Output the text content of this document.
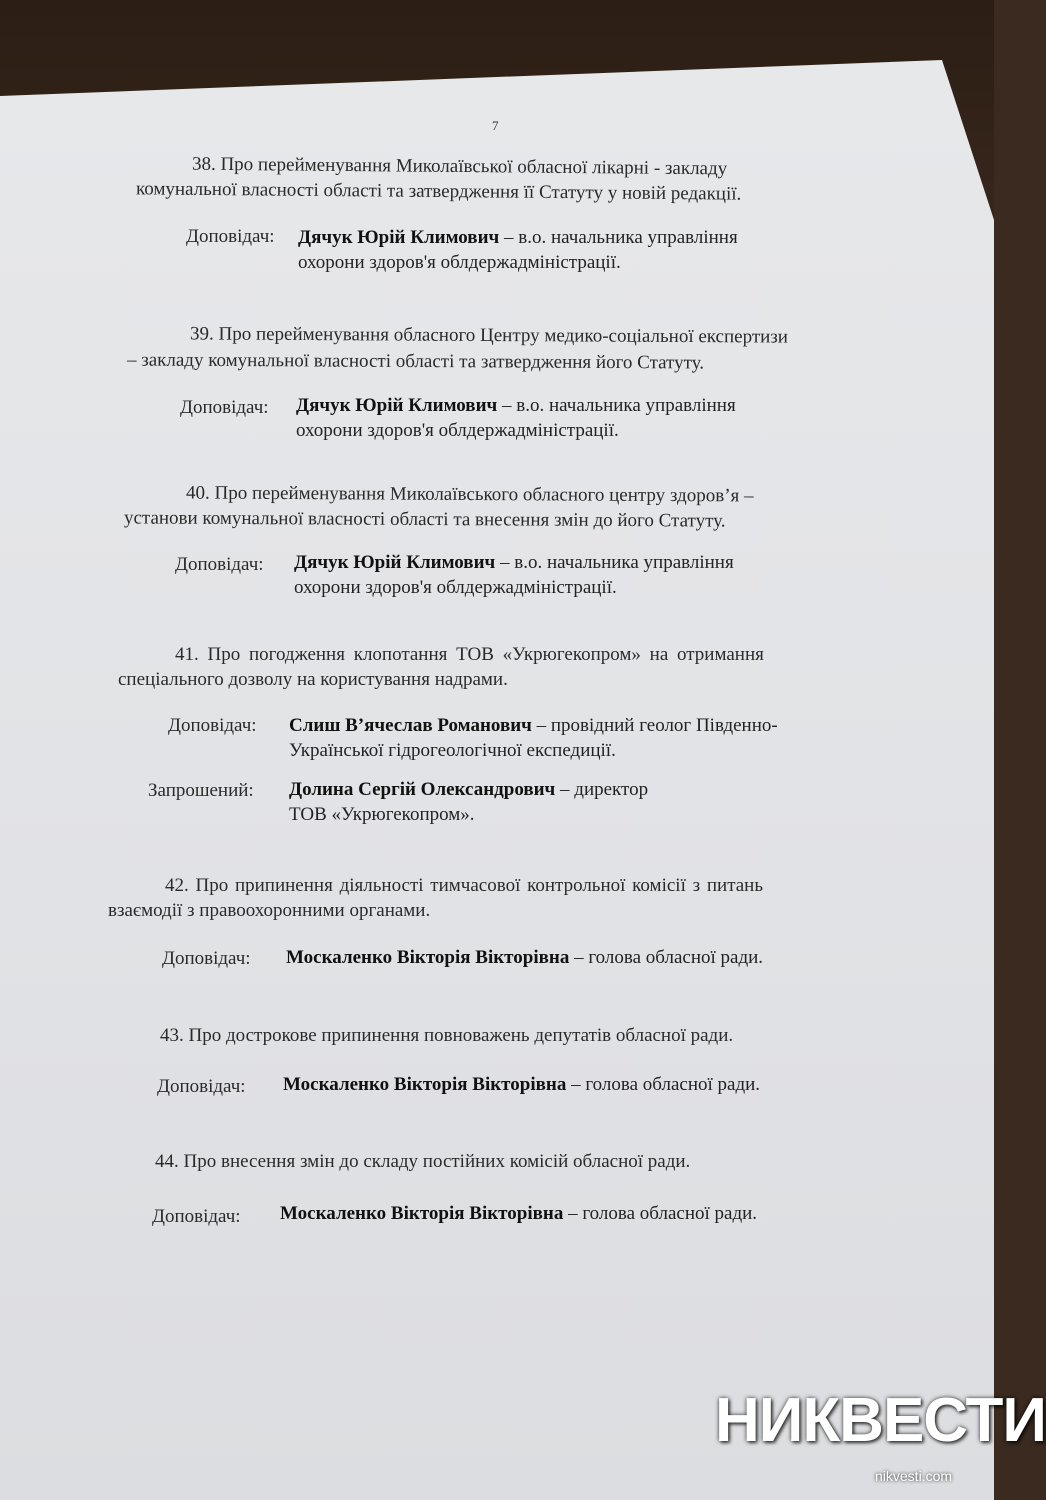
7
38. Про перейменування Миколаївської обласної лікарні - закладу
комунальної власності області та затвердження її Статуту у новій редакції.
Доповідач: Дячук Юрій Климович – в.о. начальника управління
охорони здоров'я облдержадміністрації.
39. Про перейменування обласного Центру медико-соціальної експертизи
– закладу комунальної власності області та затвердження його Статуту.
Доповідач: Дячук Юрій Климович – в.о. начальника управління
охорони здоров'я облдержадміністрації.
40. Про перейменування Миколаївського обласного центру здоров’я –
установи комунальної власності області та внесення змін до його Статуту.
Доповідач: Дячук Юрій Климович – в.о. начальника управління
охорони здоров'я облдержадміністрації.
41. Про погодження клопотання ТОВ «Укрюгекопром» на отримання
спеціального дозволу на користування надрами.
Доповідач: Слиш В’ячеслав Романович – провідний геолог Південно-
Української гідрогеологічної експедиції.
Запрошений: Долина Сергій Олександрович – директор
ТОВ «Укрюгекопром».
42. Про припинення діяльності тимчасової контрольної комісії з питань
взаємодії з правоохоронними органами.
Доповідач: Москаленко Вікторія Вікторівна – голова обласної ради.
43. Про дострокове припинення повноважень депутатів обласної ради.
Доповідач: Москаленко Вікторія Вікторівна – голова обласної ради.
44. Про внесення змін до складу постійних комісій обласної ради.
Доповідач: Москаленко Вікторія Вікторівна – голова обласної ради.
НИКВЕСТИ
nikvesti.com
